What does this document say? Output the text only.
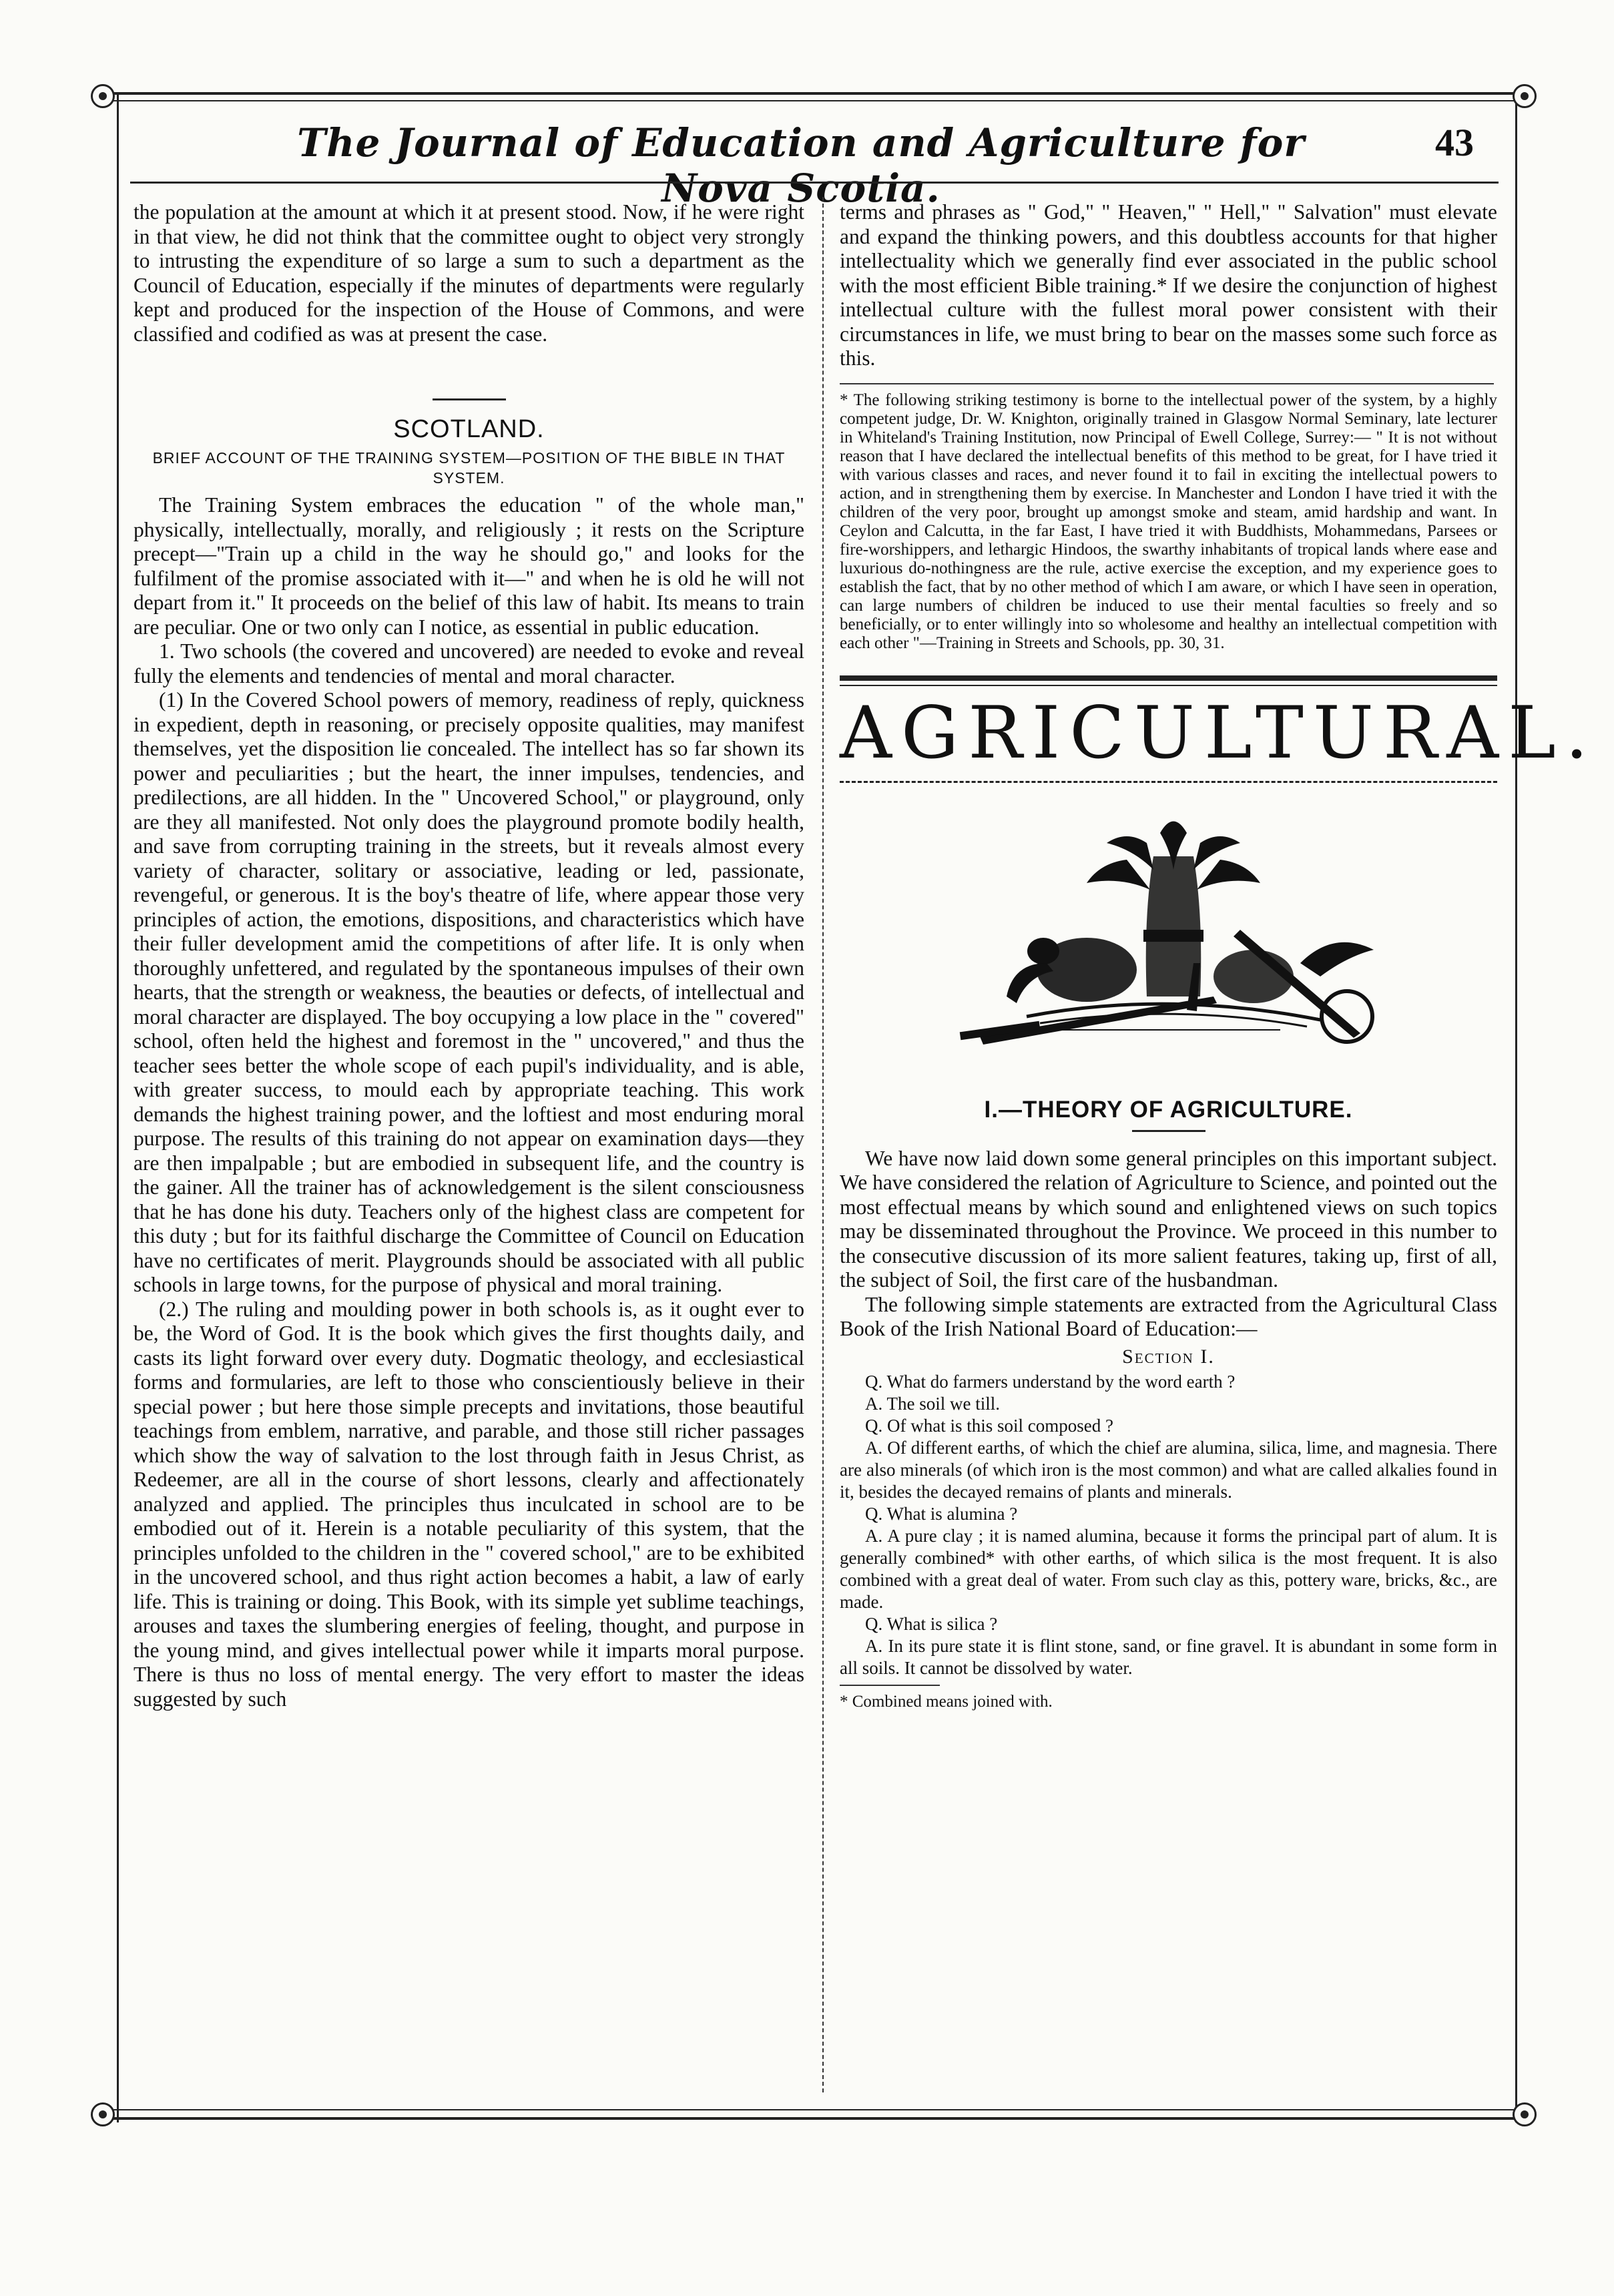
The Journal of Education and Agriculture for Nova Scotia.
43

the population at the amount at which it at present stood. Now, if he were right in that view, he did not think that the committee ought to object very strongly to intrusting the expenditure of so large a sum to such a department as the Council of Education, especially if the minutes of departments were regularly kept and produced for the inspection of the House of Commons, and were classified and codified as was at present the case.

SCOTLAND.
BRIEF ACCOUNT OF THE TRAINING SYSTEM—POSITION OF THE BIBLE IN THAT SYSTEM.

The Training System embraces the education " of the whole man," physically, intellectually, morally, and religiously ; it rests on the Scripture precept—"Train up a child in the way he should go," and looks for the fulfilment of the promise associated with it—" and when he is old he will not depart from it." It proceeds on the belief of this law of habit. Its means to train are peculiar. One or two only can I notice, as essential in public education.

1. Two schools (the covered and uncovered) are needed to evoke and reveal fully the elements and tendencies of mental and moral character.

(1) In the Covered School powers of memory, readiness of reply, quickness in expedient, depth in reasoning, or precisely opposite qualities, may manifest themselves, yet the disposition lie concealed. The intellect has so far shown its power and peculiarities ; but the heart, the inner impulses, tendencies, and predilections, are all hidden. In the " Uncovered School," or playground, only are they all manifested. Not only does the playground promote bodily health, and save from corrupting training in the streets, but it reveals almost every variety of character, solitary or associative, leading or led, passionate, revengeful, or generous. It is the boy's theatre of life, where appear those very principles of action, the emotions, dispositions, and characteristics which have their fuller development amid the competitions of after life. It is only when thoroughly unfettered, and regulated by the spontaneous impulses of their own hearts, that the strength or weakness, the beauties or defects, of intellectual and moral character are displayed. The boy occupying a low place in the " covered" school, often held the highest and foremost in the " uncovered," and thus the teacher sees better the whole scope of each pupil's individuality, and is able, with greater success, to mould each by appropriate teaching. This work demands the highest training power, and the loftiest and most enduring moral purpose. The results of this training do not appear on examination days—they are then impalpable ; but are embodied in subsequent life, and the country is the gainer. All the trainer has of acknowledgement is the silent consciousness that he has done his duty. Teachers only of the highest class are competent for this duty ; but for its faithful discharge the Committee of Council on Education have no certificates of merit. Playgrounds should be associated with all public schools in large towns, for the purpose of physical and moral training.

(2.) The ruling and moulding power in both schools is, as it ought ever to be, the Word of God. It is the book which gives the first thoughts daily, and casts its light forward over every duty. Dogmatic theology, and ecclesiastical forms and formularies, are left to those who conscientiously believe in their special power ; but here those simple precepts and invitations, those beautiful teachings from emblem, narrative, and parable, and those still richer passages which show the way of salvation to the lost through faith in Jesus Christ, as Redeemer, are all in the course of short lessons, clearly and affectionately analyzed and applied. The principles thus inculcated in school are to be embodied out of it. Herein is a notable peculiarity of this system, that the principles unfolded to the children in the " covered school," are to be exhibited in the uncovered school, and thus right action becomes a habit, a law of early life. This is training or doing. This Book, with its simple yet sublime teachings, arouses and taxes the slumbering energies of feeling, thought, and purpose in the young mind, and gives intellectual power while it imparts moral purpose. There is thus no loss of mental energy. The very effort to master the ideas suggested by such

terms and phrases as " God," " Heaven," " Hell," " Salvation" must elevate and expand the thinking powers, and this doubtless accounts for that higher intellectuality which we generally find ever associated in the public school with the most efficient Bible training.* If we desire the conjunction of highest intellectual culture with the fullest moral power consistent with their circumstances in life, we must bring to bear on the masses some such force as this.

* The following striking testimony is borne to the intellectual power of the system, by a highly competent judge, Dr. W. Knighton, originally trained in Glasgow Normal Seminary, late lecturer in Whiteland's Training Institution, now Principal of Ewell College, Surrey:— " It is not without reason that I have declared the intellectual benefits of this method to be great, for I have tried it with various classes and races, and never found it to fail in exciting the intellectual powers to action, and in strengthening them by exercise. In Manchester and London I have tried it with the children of the very poor, brought up amongst smoke and steam, amid hardship and want. In Ceylon and Calcutta, in the far East, I have tried it with Buddhists, Mohammedans, Parsees or fire-worshippers, and lethargic Hindoos, the swarthy inhabitants of tropical lands where ease and luxurious do-nothingness are the rule, active exercise the exception, and my experience goes to establish the fact, that by no other method of which I am aware, or which I have seen in operation, can large numbers of children be induced to use their mental faculties so freely and so beneficially, or to enter willingly into so wholesome and healthy an intellectual competition with each other "—Training in Streets and Schools, pp. 30, 31.

AGRICULTURAL.
I.—THEORY OF AGRICULTURE.

We have now laid down some general principles on this important subject. We have considered the relation of Agriculture to Science, and pointed out the most effectual means by which sound and enlightened views on such topics may be disseminated throughout the Province. We proceed in this number to the consecutive discussion of its more salient features, taking up, first of all, the subject of Soil, the first care of the husbandman.

The following simple statements are extracted from the Agricultural Class Book of the Irish National Board of Education:—

Section I.

Q. What do farmers understand by the word earth ?

A. The soil we till.

Q. Of what is this soil composed ?

A. Of different earths, of which the chief are alumina, silica, lime, and magnesia. There are also minerals (of which iron is the most common) and what are called alkalies found in it, besides the decayed remains of plants and minerals.

Q. What is alumina ?

A. A pure clay ; it is named alumina, because it forms the principal part of alum. It is generally combined* with other earths, of which silica is the most frequent. It is also combined with a great deal of water. From such clay as this, pottery ware, bricks, &c., are made.

Q. What is silica ?

A. In its pure state it is flint stone, sand, or fine gravel. It is abundant in some form in all soils. It cannot be dissolved by water.

* Combined means joined with.
